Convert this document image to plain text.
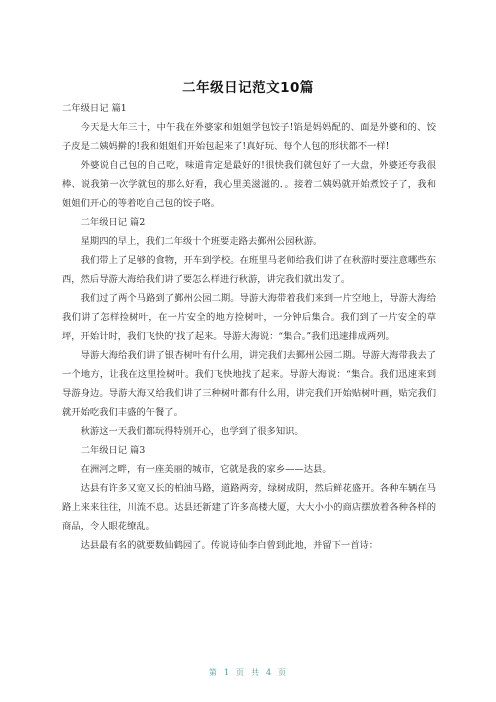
二年级日记范文10篇

二年级日记 篇1

今天是大年三十，中午我在外婆家和姐姐学包饺子!馅是妈妈配的、面是外婆和的、饺子皮是二姨妈擀的!我和姐姐们开始包起来了!真好玩、每个人包的形状都不一样!

外婆说自己包的自己吃，味道肯定是最好的!很快我们就包好了一大盘，外婆还夸我很棒、说我第一次学就包的那么好看，我心里美滋滋的．。接着二姨妈就开始煮饺子了，我和姐姐们开心的等着吃自己包的饺子咯。

二年级日记 篇2

星期四的早上，我们二年级十个班要走路去鄞州公园秋游。

我们带上了足够的食物，开车到学校。在班里马老师给我们讲了在秋游时要注意哪些东西，然后导游大海给我们讲了要怎么样进行秋游，讲完我们就出发了。

我们过了两个马路到了鄞州公园二期。导游大海带着我们来到一片空地上，导游大海给我们讲了怎样捡树叶，在一片安全的地方捡树叶，一分钟后集合。我们到了一片安全的草坪，开始计时，我们飞快的'找了起来。导游大海说：“集合。”我们迅速排成两列。

导游大海给我们讲了银杏树叶有什么用，讲完我们去鄞州公园二期。导游大海带我去了一个地方，让我在这里捡树叶。我们飞快地找了起来。导游大海说：“集合。我们迅速来到导游身边。导游大海又给我们讲了三种树叶都有什么用，讲完我们开始贴树叶画，贴完我们就开始吃我们丰盛的午餐了。

秋游这一天我们都玩得特别开心，也学到了很多知识。

二年级日记 篇3

在洲河之畔，有一座美丽的城市，它就是我的家乡——达县。

达县有许多又宽又长的柏油马路，道路两旁，绿树成阴，然后鲜花盛开。各种车辆在马路上来来往往，川流不息。达县还新建了许多高楼大厦，大大小小的商店摆放着各种各样的商品，令人眼花缭乱。

达县最有名的就要数仙鹤园了。传说诗仙李白曾到此地，并留下一首诗：

第 1 页 共 4 页
